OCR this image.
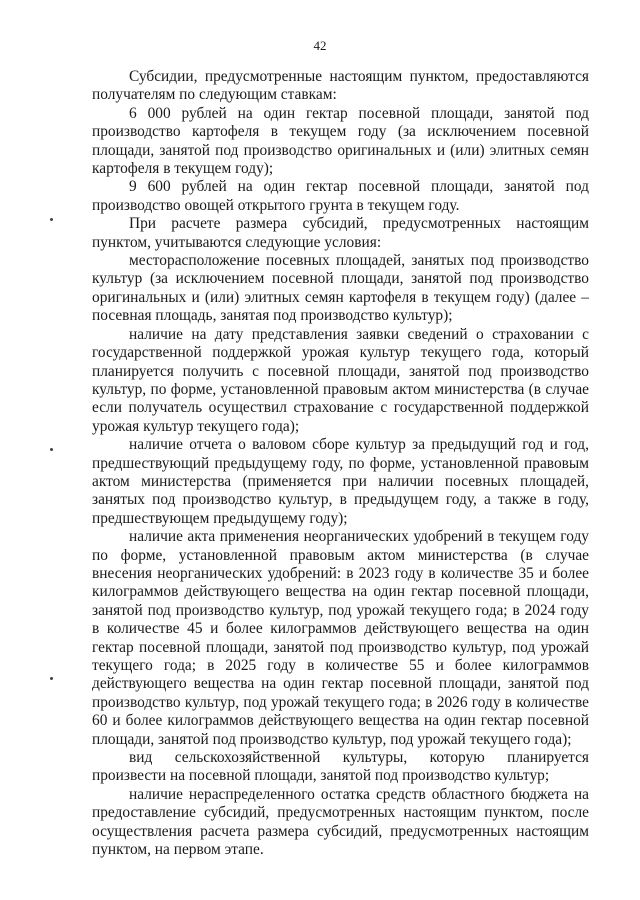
42

Субсидии, предусмотренные настоящим пунктом, предоставляются получателям по следующим ставкам:

6 000 рублей на один гектар посевной площади, занятой под производство картофеля в текущем году (за исключением посевной площади, занятой под производство оригинальных и (или) элитных семян картофеля в текущем году);

9 600 рублей на один гектар посевной площади, занятой под производство овощей открытого грунта в текущем году.

При расчете размера субсидий, предусмотренных настоящим пунктом, учитываются следующие условия:

месторасположение посевных площадей, занятых под производство культур (за исключением посевной площади, занятой под производство оригинальных и (или) элитных семян картофеля в текущем году) (далее – посевная площадь, занятая под производство культур);

наличие на дату представления заявки сведений о страховании с государственной поддержкой урожая культур текущего года, который планируется получить с посевной площади, занятой под производство культур, по форме, установленной правовым актом министерства (в случае если получатель осуществил страхование с государственной поддержкой урожая культур текущего года);

наличие отчета о валовом сборе культур за предыдущий год и год, предшествующий предыдущему году, по форме, установленной правовым актом министерства (применяется при наличии посевных площадей, занятых под производство культур, в предыдущем году, а также в году, предшествующем предыдущему году);

наличие акта применения неорганических удобрений в текущем году по форме, установленной правовым актом министерства (в случае внесения неорганических удобрений: в 2023 году в количестве 35 и более килограммов действующего вещества на один гектар посевной площади, занятой под производство культур, под урожай текущего года; в 2024 году в количестве 45 и более килограммов действующего вещества на один гектар посевной площади, занятой под производство культур, под урожай текущего года; в 2025 году в количестве 55 и более килограммов действующего вещества на один гектар посевной площади, занятой под производство культур, под урожай текущего года; в 2026 году в количестве 60 и более килограммов действующего вещества на один гектар посевной площади, занятой под производство культур, под урожай текущего года);

вид сельскохозяйственной культуры, которую планируется произвести на посевной площади, занятой под производство культур;

наличие нераспределенного остатка средств областного бюджета на предоставление субсидий, предусмотренных настоящим пунктом, после осуществления расчета размера субсидий, предусмотренных настоящим пунктом, на первом этапе.
